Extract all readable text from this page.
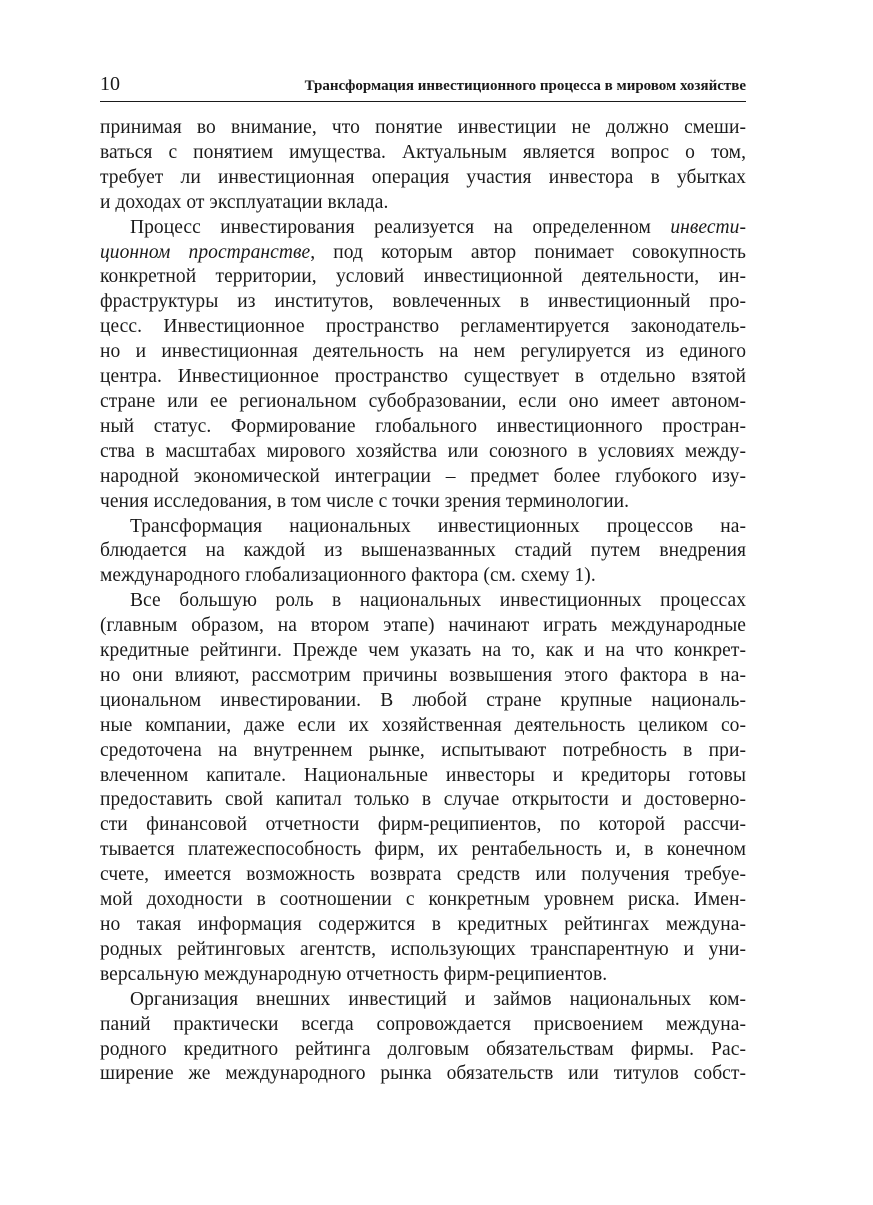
10	Трансформация инвестиционного процесса в мировом хозяйстве

принимая во внимание, что понятие инвестиции не должно смеши-
ваться с понятием имущества. Актуальным является вопрос о том,
требует ли инвестиционная операция участия инвестора в убытках
и доходах от эксплуатации вклада.

Процесс инвестирования реализуется на определенном инвести-
ционном пространстве, под которым автор понимает совокупность
конкретной территории, условий инвестиционной деятельности, ин-
фраструктуры из институтов, вовлеченных в инвестиционный про-
цесс. Инвестиционное пространство регламентируется законодатель-
но и инвестиционная деятельность на нем регулируется из единого
центра. Инвестиционное пространство существует в отдельно взятой
стране или ее региональном субобразовании, если оно имеет автоном-
ный статус. Формирование глобального инвестиционного простран-
ства в масштабах мирового хозяйства или союзного в условиях между-
народной экономической интеграции – предмет более глубокого изу-
чения исследования, в том числе с точки зрения терминологии.

Трансформация национальных инвестиционных процессов на-
блюдается на каждой из вышеназванных стадий путем внедрения
международного глобализационного фактора (см. схему 1).

Все большую роль в национальных инвестиционных процессах
(главным образом, на втором этапе) начинают играть международные
кредитные рейтинги. Прежде чем указать на то, как и на что конкрет-
но они влияют, рассмотрим причины возвышения этого фактора в на-
циональном инвестировании. В любой стране крупные националь-
ные компании, даже если их хозяйственная деятельность целиком со-
средоточена на внутреннем рынке, испытывают потребность в при-
влеченном капитале. Национальные инвесторы и кредиторы готовы
предоставить свой капитал только в случае открытости и достоверно-
сти финансовой отчетности фирм-реципиентов, по которой рассчи-
тывается платежеспособность фирм, их рентабельность и, в конечном
счете, имеется возможность возврата средств или получения требуе-
мой доходности в соотношении с конкретным уровнем риска. Имен-
но такая информация содержится в кредитных рейтингах междуна-
родных рейтинговых агентств, использующих транспарентную и уни-
версальную международную отчетность фирм-реципиентов.

Организация внешних инвестиций и займов национальных ком-
паний практически всегда сопровождается присвоением междуна-
родного кредитного рейтинга долговым обязательствам фирмы. Рас-
ширение же международного рынка обязательств или титулов собст-
